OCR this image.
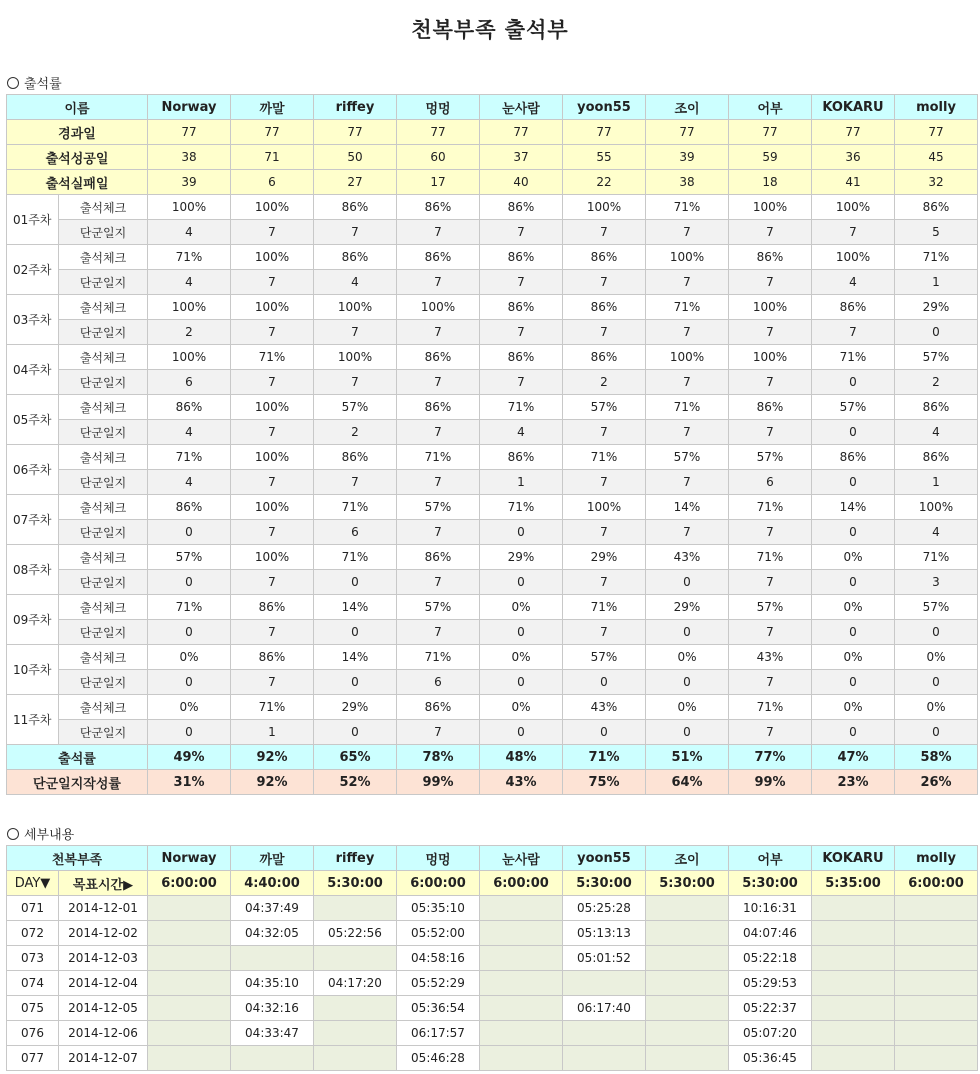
천복부족 출석부
출석률
이름		Norway	까말	riffey	멍멍	눈사람	yoon55	조이	어부	KOKARU	molly
경과일		77	77	77	77	77	77	77	77	77	77
출석성공일		38	71	50	60	37	55	39	59	36	45
출석실패일		39	6	27	17	40	22	38	18	41	32
01주차	출석체크	100%	100%	86%	86%	86%	100%	71%	100%	100%	86%
	단군일지	4	7	7	7	7	7	7	7	7	5
02주차	출석체크	71%	100%	86%	86%	86%	86%	100%	86%	100%	71%
	단군일지	4	7	4	7	7	7	7	7	4	1
03주차	출석체크	100%	100%	100%	100%	86%	86%	71%	100%	86%	29%
	단군일지	2	7	7	7	7	7	7	7	7	0
04주차	출석체크	100%	71%	100%	86%	86%	86%	100%	100%	71%	57%
	단군일지	6	7	7	7	7	2	7	7	0	2
05주차	출석체크	86%	100%	57%	86%	71%	57%	71%	86%	57%	86%
	단군일지	4	7	2	7	4	7	7	7	0	4
06주차	출석체크	71%	100%	86%	71%	86%	71%	57%	57%	86%	86%
	단군일지	4	7	7	7	1	7	7	6	0	1
07주차	출석체크	86%	100%	71%	57%	71%	100%	14%	71%	14%	100%
	단군일지	0	7	6	7	0	7	7	7	0	4
08주차	출석체크	57%	100%	71%	86%	29%	29%	43%	71%	0%	71%
	단군일지	0	7	0	7	0	7	0	7	0	3
09주차	출석체크	71%	86%	14%	57%	0%	71%	29%	57%	0%	57%
	단군일지	0	7	0	7	0	7	0	7	0	0
10주차	출석체크	0%	86%	14%	71%	0%	57%	0%	43%	0%	0%
	단군일지	0	7	0	6	0	0	0	7	0	0
11주차	출석체크	0%	71%	29%	86%	0%	43%	0%	71%	0%	0%
	단군일지	0	1	0	7	0	0	0	7	0	0
출석률		49%	92%	65%	78%	48%	71%	51%	77%	47%	58%
단군일지작성률		31%	92%	52%	99%	43%	75%	64%	99%	23%	26%
세부내용
천복부족		Norway	까말	riffey	멍멍	눈사람	yoon55	조이	어부	KOKARU	molly
DAY▼	목표시간▶	6:00:00	4:40:00	5:30:00	6:00:00	6:00:00	5:30:00	5:30:00	5:30:00	5:35:00	6:00:00
071	2014-12-01		04:37:49		05:35:10		05:25:28		10:16:31		
072	2014-12-02		04:32:05	05:22:56	05:52:00		05:13:13		04:07:46		
073	2014-12-03				04:58:16		05:01:52		05:22:18		
074	2014-12-04		04:35:10	04:17:20	05:52:29				05:29:53		
075	2014-12-05		04:32:16		05:36:54		06:17:40		05:22:37		
076	2014-12-06		04:33:47		06:17:57				05:07:20		
077	2014-12-07				05:46:28				05:36:45		
